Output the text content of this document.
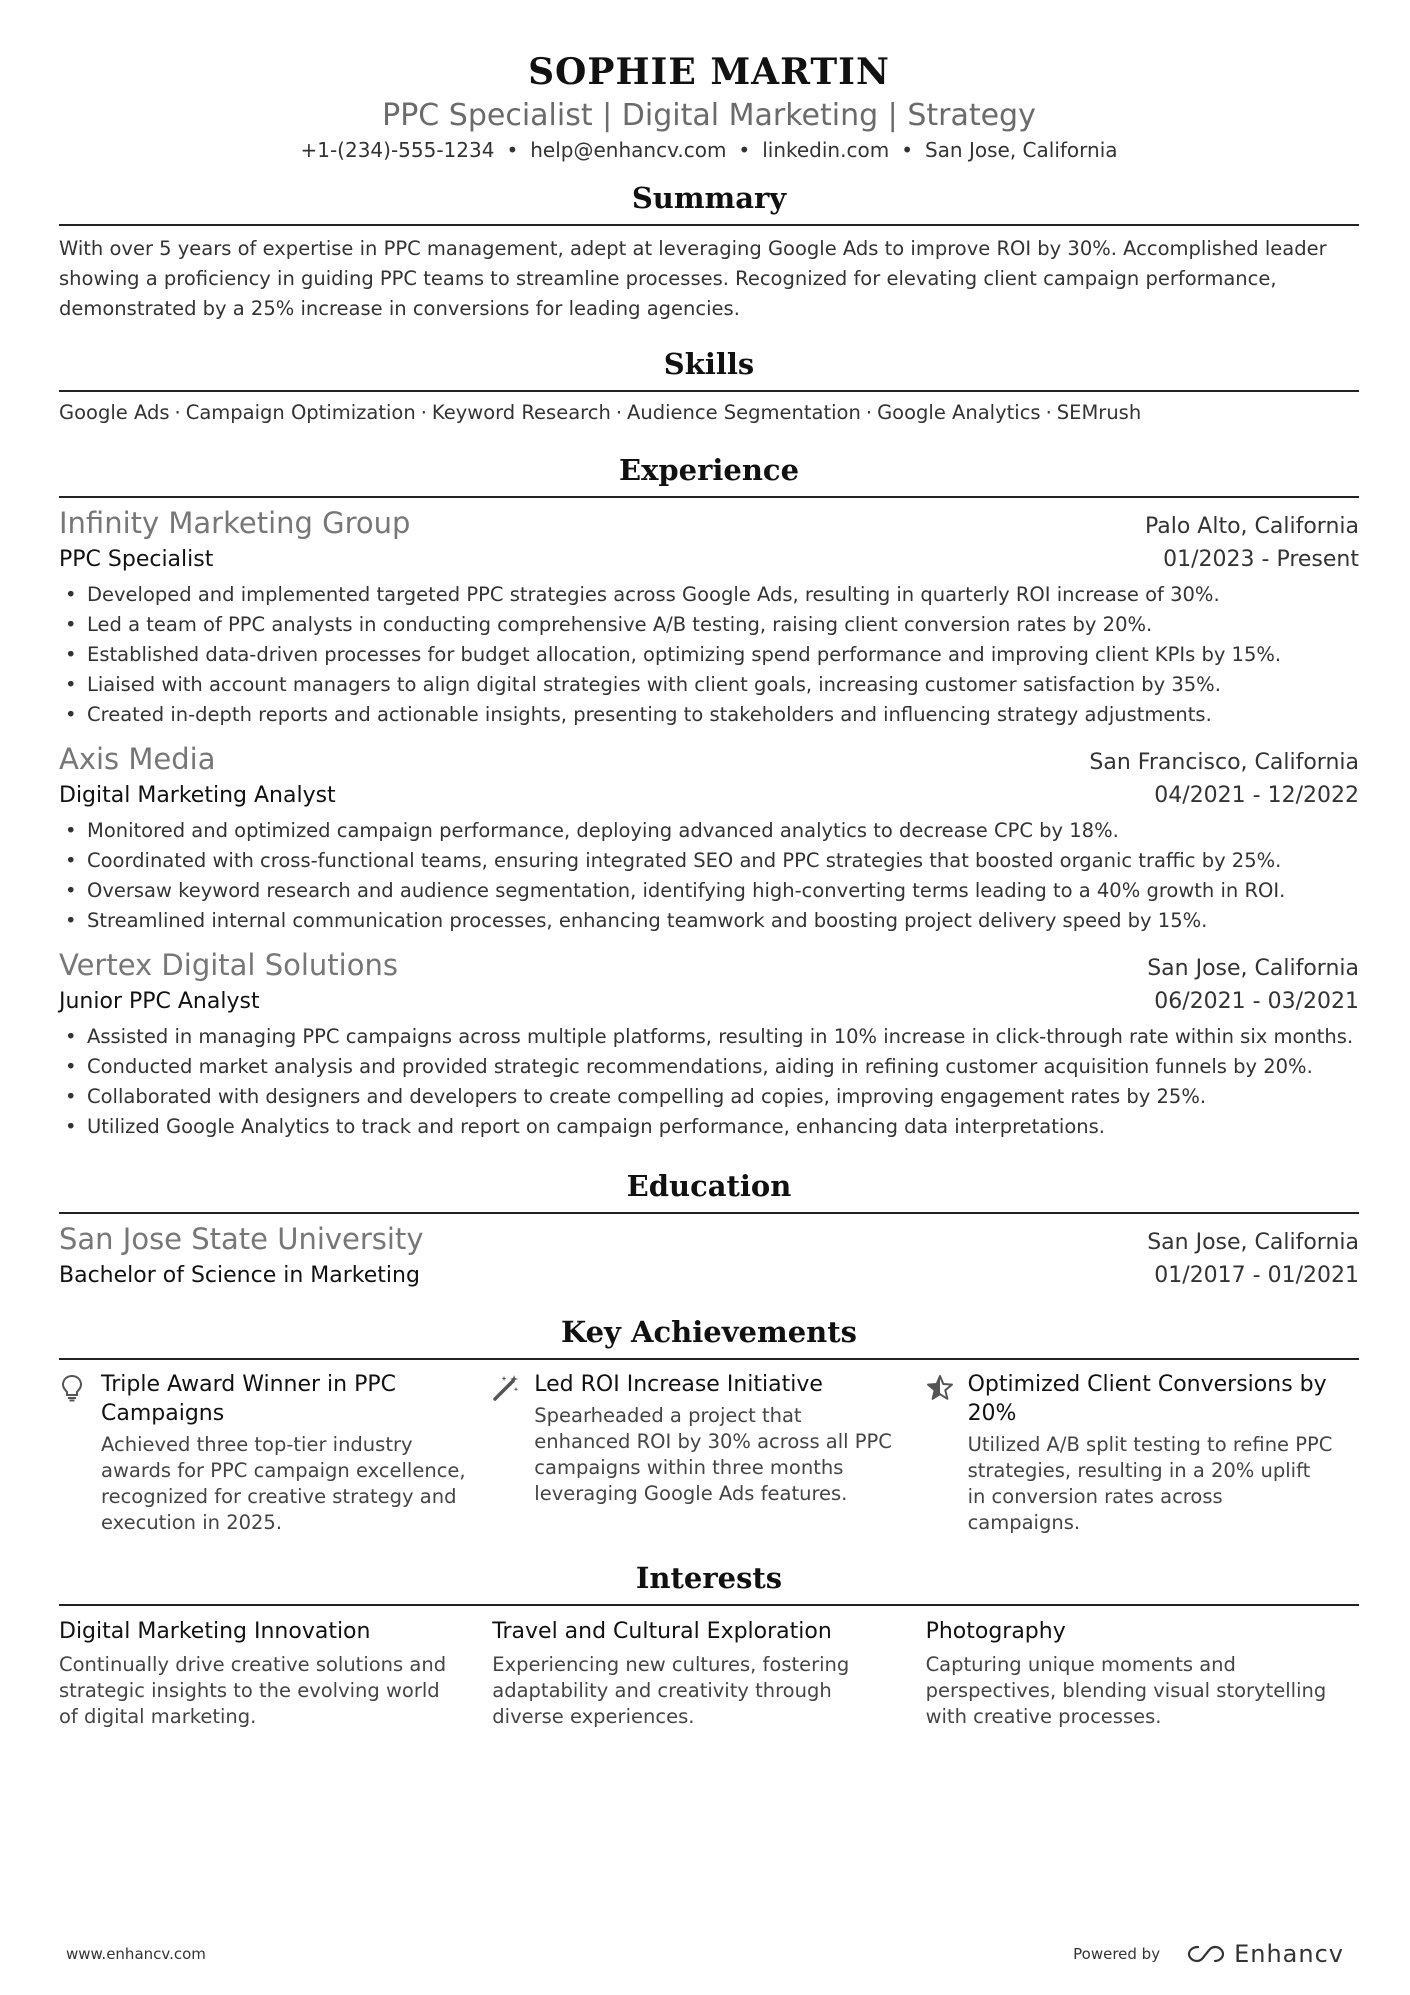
SOPHIE MARTIN
PPC Specialist | Digital Marketing | Strategy
+1-(234)-555-1234 • help@enhancv.com • linkedin.com • San Jose, California
Summary
With over 5 years of expertise in PPC management, adept at leveraging Google Ads to improve ROI by 30%. Accomplished leader showing a proficiency in guiding PPC teams to streamline processes. Recognized for elevating client campaign performance, demonstrated by a 25% increase in conversions for leading agencies.
Skills
Google Ads · Campaign Optimization · Keyword Research · Audience Segmentation · Google Analytics · SEMrush
Experience
Infinity Marketing Group	Palo Alto, California
PPC Specialist	01/2023 - Present
• Developed and implemented targeted PPC strategies across Google Ads, resulting in quarterly ROI increase of 30%.
• Led a team of PPC analysts in conducting comprehensive A/B testing, raising client conversion rates by 20%.
• Established data-driven processes for budget allocation, optimizing spend performance and improving client KPIs by 15%.
• Liaised with account managers to align digital strategies with client goals, increasing customer satisfaction by 35%.
• Created in-depth reports and actionable insights, presenting to stakeholders and influencing strategy adjustments.
Axis Media	San Francisco, California
Digital Marketing Analyst	04/2021 - 12/2022
• Monitored and optimized campaign performance, deploying advanced analytics to decrease CPC by 18%.
• Coordinated with cross-functional teams, ensuring integrated SEO and PPC strategies that boosted organic traffic by 25%.
• Oversaw keyword research and audience segmentation, identifying high-converting terms leading to a 40% growth in ROI.
• Streamlined internal communication processes, enhancing teamwork and boosting project delivery speed by 15%.
Vertex Digital Solutions	San Jose, California
Junior PPC Analyst	06/2021 - 03/2021
• Assisted in managing PPC campaigns across multiple platforms, resulting in 10% increase in click-through rate within six months.
• Conducted market analysis and provided strategic recommendations, aiding in refining customer acquisition funnels by 20%.
• Collaborated with designers and developers to create compelling ad copies, improving engagement rates by 25%.
• Utilized Google Analytics to track and report on campaign performance, enhancing data interpretations.
Education
San Jose State University	San Jose, California
Bachelor of Science in Marketing	01/2017 - 01/2021
Key Achievements
Triple Award Winner in PPC Campaigns
Achieved three top-tier industry awards for PPC campaign excellence, recognized for creative strategy and execution in 2025.
Led ROI Increase Initiative
Spearheaded a project that enhanced ROI by 30% across all PPC campaigns within three months leveraging Google Ads features.
Optimized Client Conversions by 20%
Utilized A/B split testing to refine PPC strategies, resulting in a 20% uplift in conversion rates across campaigns.
Interests
Digital Marketing Innovation
Continually drive creative solutions and strategic insights to the evolving world of digital marketing.
Travel and Cultural Exploration
Experiencing new cultures, fostering adaptability and creativity through diverse experiences.
Photography
Capturing unique moments and perspectives, blending visual storytelling with creative processes.
www.enhancv.com	Powered by	Enhancv
